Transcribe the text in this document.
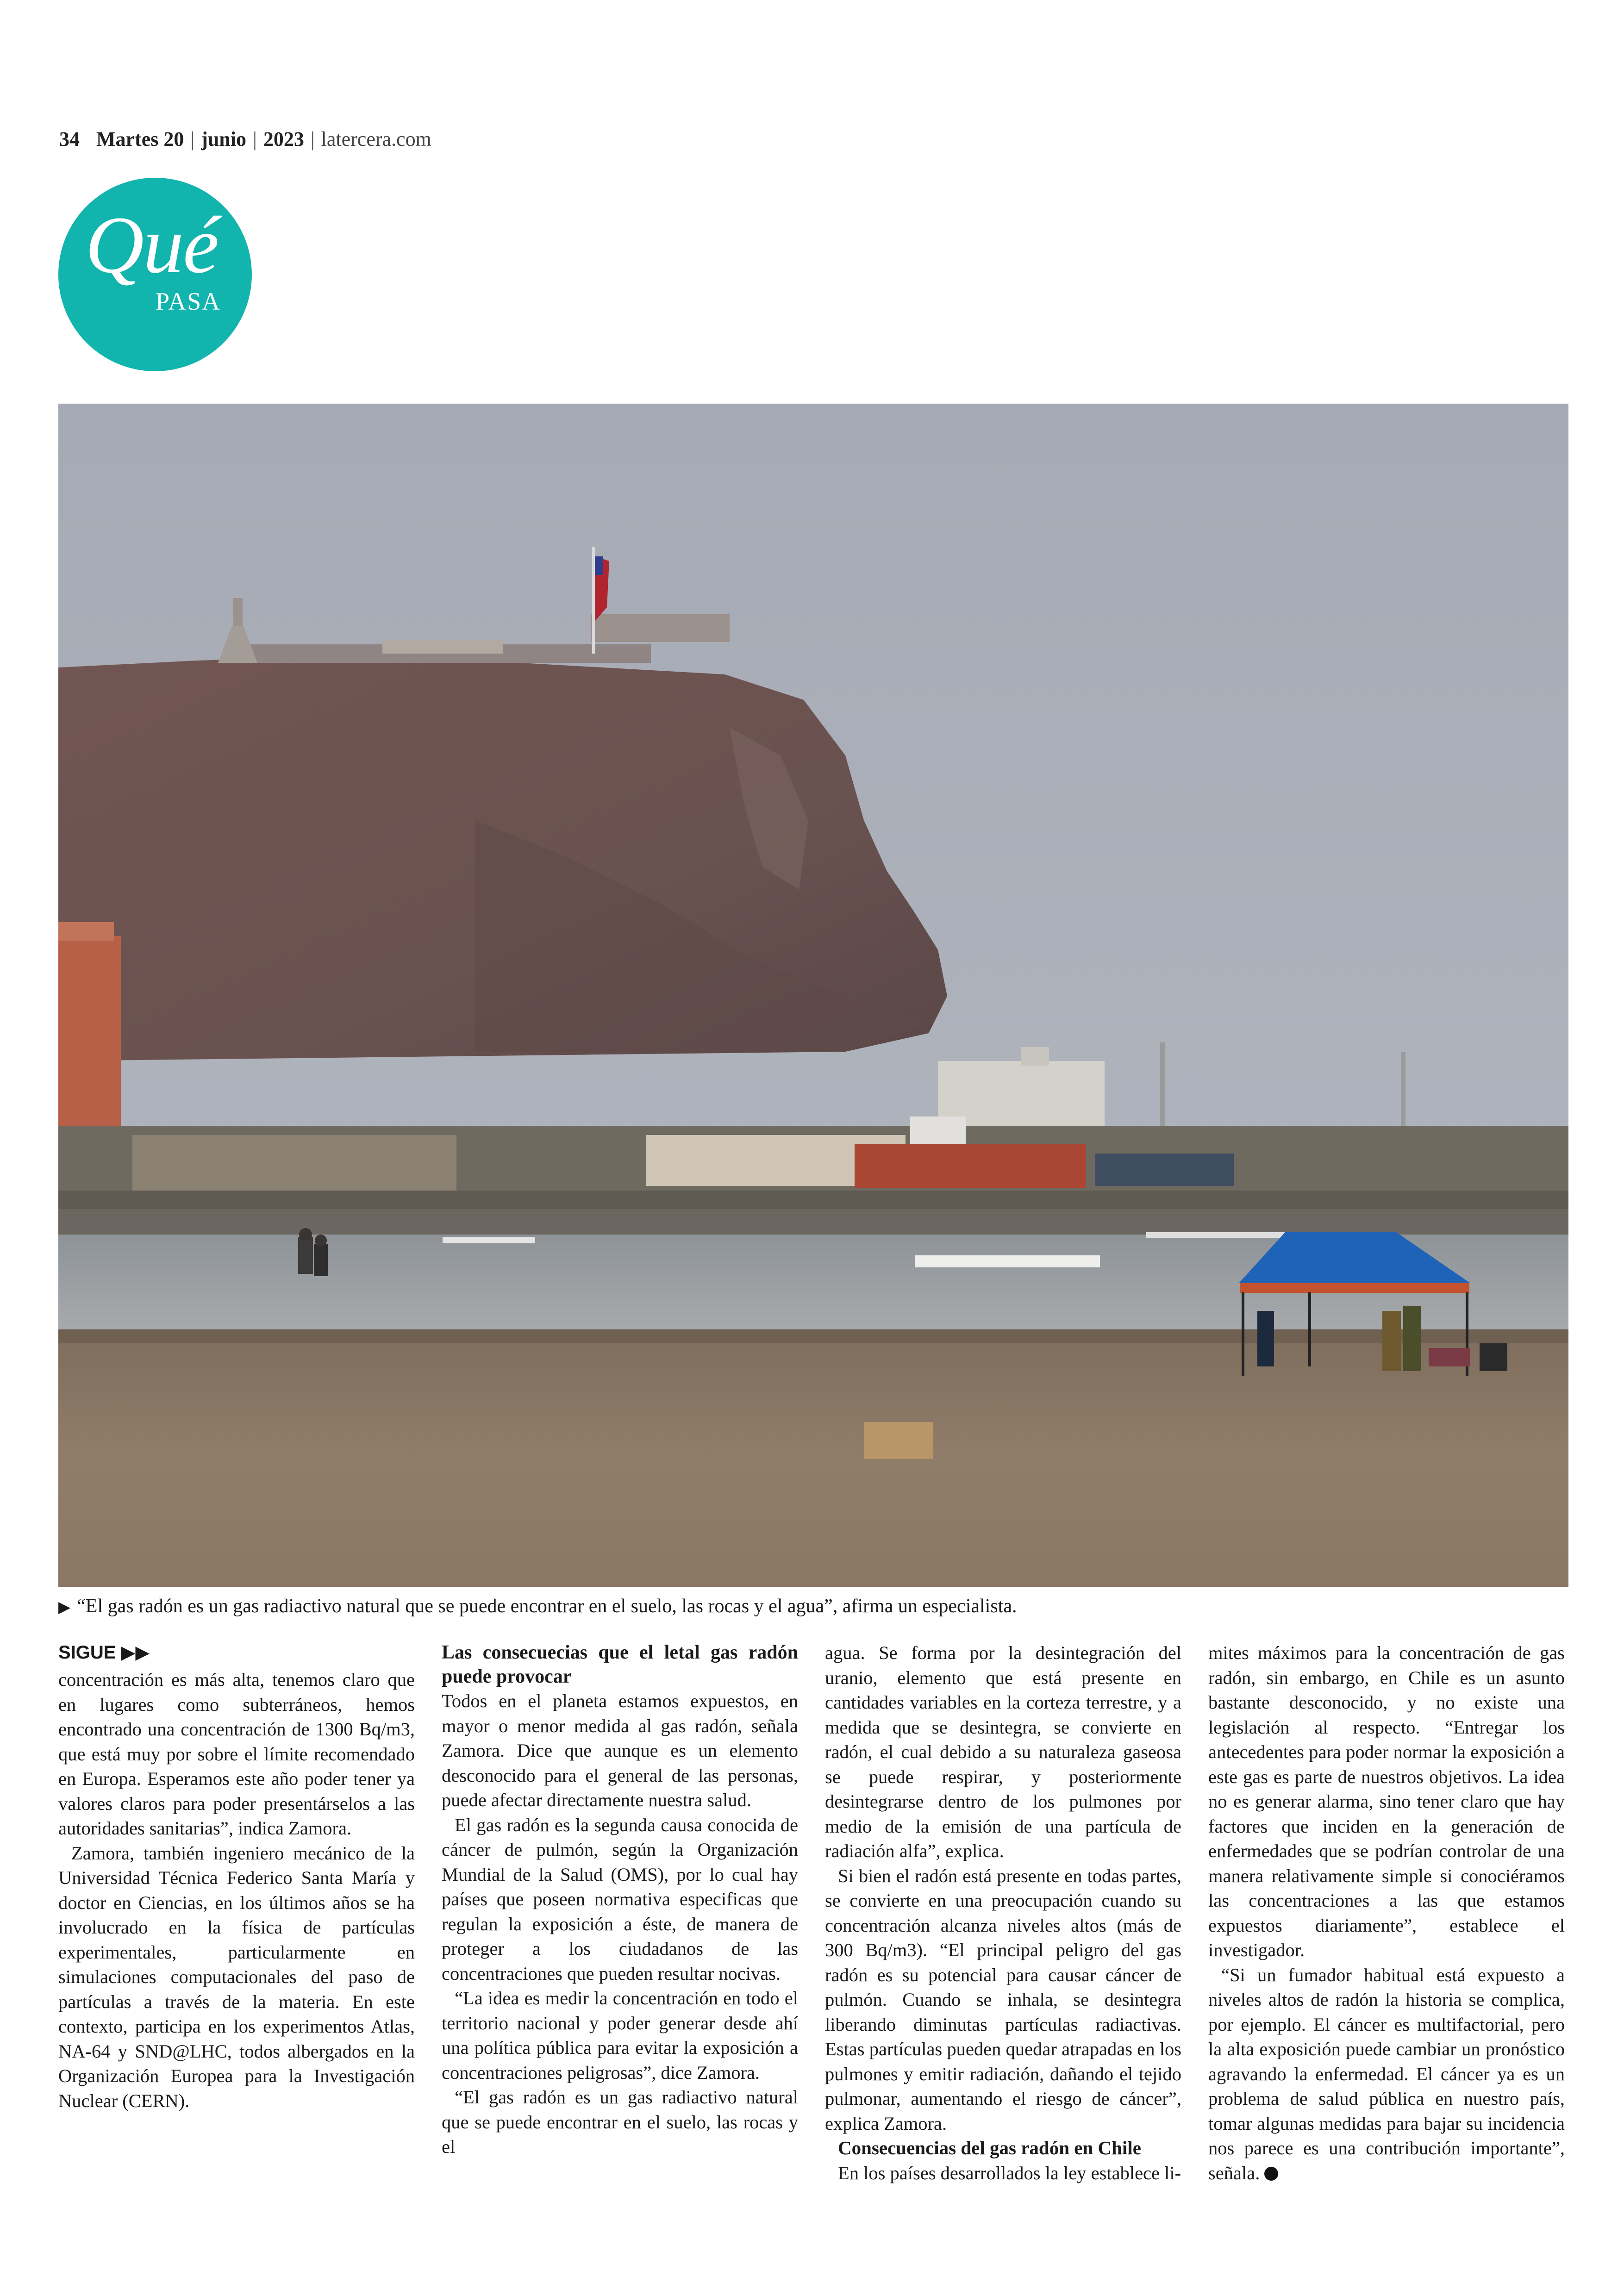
34 Martes 20 | junio | 2023 | latercera.com
Qué
PASA
▶ “El gas radón es un gas radiactivo natural que se puede encontrar en el suelo, las rocas y el agua”, afirma un especialista.
SIGUE ▶▶

concentración es más alta, tenemos claro que en lugares como subterráneos, hemos encontrado una concentración de 1300 Bq/m3, que está muy por sobre el límite recomendado en Europa. Esperamos este año poder tener ya valores claros para poder presentárselos a las autoridades sanitarias”, indica Zamora.

Zamora, también ingeniero mecánico de la Universidad Técnica Federico Santa María y doctor en Ciencias, en los últimos años se ha involucrado en la física de partículas experimentales, particularmente en simulaciones computacionales del paso de partículas a través de la materia. En este contexto, participa en los experimentos Atlas, NA-64 y SND@LHC, todos albergados en la Organización Europea para la Investigación Nuclear (CERN).

Las consecuecias que el letal gas radón puede provocar

Todos en el planeta estamos expuestos, en mayor o menor medida al gas radón, señala Zamora. Dice que aunque es un elemento desconocido para el general de las personas, puede afectar directamente nuestra salud.

El gas radón es la segunda causa conocida de cáncer de pulmón, según la Organización Mundial de la Salud (OMS), por lo cual hay países que poseen normativa especificas que regulan la exposición a éste, de manera de proteger a los ciudadanos de las concentraciones que pueden resultar nocivas.

“La idea es medir la concentración en todo el territorio nacional y poder generar desde ahí una política pública para evitar la exposición a concentraciones peligrosas”, dice Zamora.

“El gas radón es un gas radiactivo natural que se puede encontrar en el suelo, las rocas y el

agua. Se forma por la desintegración del uranio, elemento que está presente en cantidades variables en la corteza terrestre, y a medida que se desintegra, se convierte en radón, el cual debido a su naturaleza gaseosa se puede respirar, y posteriormente desintegrarse dentro de los pulmones por medio de la emisión de una partícula de radiación alfa”, explica.

Si bien el radón está presente en todas partes, se convierte en una preocupación cuando su concentración alcanza niveles altos (más de 300 Bq/m3). “El principal peligro del gas radón es su potencial para causar cáncer de pulmón. Cuando se inhala, se desintegra liberando diminutas partículas radiactivas. Estas partículas pueden quedar atrapadas en los pulmones y emitir radiación, dañando el tejido pulmonar, aumentando el riesgo de cáncer”, explica Zamora.

Consecuencias del gas radón en Chile

En los países desarrollados la ley establece li-

mites máximos para la concentración de gas radón, sin embargo, en Chile es un asunto bastante desconocido, y no existe una legislación al respecto. “Entregar los antecedentes para poder normar la exposición a este gas es parte de nuestros objetivos. La idea no es generar alarma, sino tener claro que hay factores que inciden en la generación de enfermedades que se podrían controlar de una manera relativamente simple si conociéramos las concentraciones a las que estamos expuestos diariamente”, establece el investigador.

“Si un fumador habitual está expuesto a niveles altos de radón la historia se complica, por ejemplo. El cáncer es multifactorial, pero la alta exposición puede cambiar un pronóstico agravando la enfermedad. El cáncer ya es un problema de salud pública en nuestro país, tomar algunas medidas para bajar su incidencia nos parece es una contribución importante”, señala.
